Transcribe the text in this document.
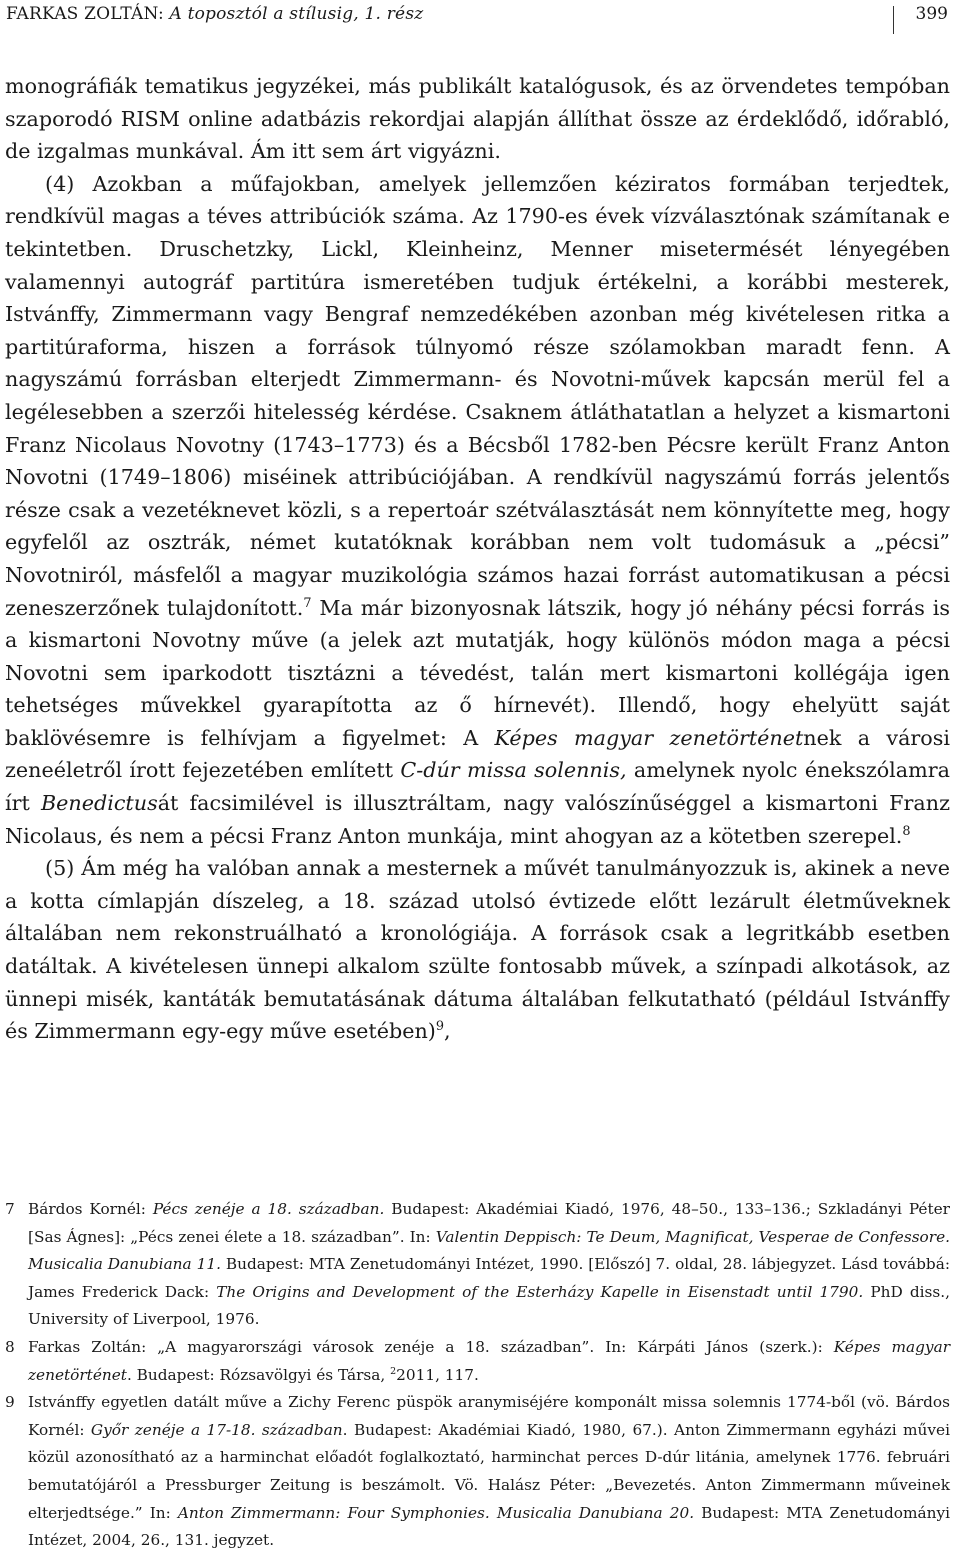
FARKAS ZOLTÁN: A toposztól a stílusig, 1. rész	399

monográfiák tematikus jegyzékei, más publikált katalógusok, és az örvendetes tempóban szaporodó RISM online adatbázis rekordjai alapján állíthat össze az érdeklődő, időrabló, de izgalmas munkával. Ám itt sem árt vigyázni.

(4) Azokban a műfajokban, amelyek jellemzően kéziratos formában terjedtek, rendkívül magas a téves attribúciók száma. Az 1790-es évek vízválasztónak számítanak e tekintetben. Druschetzky, Lickl, Kleinheinz, Menner misetermését lényegében valamennyi autográf partitúra ismeretében tudjuk értékelni, a korábbi mesterek, Istvánffy, Zimmermann vagy Bengraf nemzedékében azonban még kivételesen ritka a partitúraforma, hiszen a források túlnyomó része szólamokban maradt fenn. A nagyszámú forrásban elterjedt Zimmermann- és Novotni-művek kapcsán merül fel a legélesebben a szerzői hitelesség kérdése. Csaknem átláthatatlan a helyzet a kismartoni Franz Nicolaus Novotny (1743–1773) és a Bécsből 1782-ben Pécsre került Franz Anton Novotni (1749–1806) miséinek attribúciójában. A rendkívül nagyszámú forrás jelentős része csak a vezetéknevet közli, s a repertoár szétválasztását nem könnyítette meg, hogy egyfelől az osztrák, német kutatóknak korábban nem volt tudomásuk a „pécsi” Novotniról, másfelől a magyar muzikológia számos hazai forrást automatikusan a pécsi zeneszerzőnek tulajdonított.$^7$ Ma már bizonyosnak látszik, hogy jó néhány pécsi forrás is a kismartoni Novotny műve (a jelek azt mutatják, hogy különös módon maga a pécsi Novotni sem iparkodott tisztázni a tévedést, talán mert kismartoni kollégája igen tehetséges művekkel gyarapította az ő hírnevét). Illendő, hogy ehelyütt saját baklövésemre is felhívjam a figyelmet: A Képes magyar zenetörténetnek a városi zeneéletről írott fejezetében említett C-dúr missa solennis, amelynek nyolc énekszólamra írt Benedictusát facsimilével is illusztráltam, nagy valószínűséggel a kismartoni Franz Nicolaus, és nem a pécsi Franz Anton munkája, mint ahogyan az a kötetben szerepel.$^8$

(5) Ám még ha valóban annak a mesternek a művét tanulmányozzuk is, akinek a neve a kotta címlapján díszeleg, a 18. század utolsó évtizede előtt lezárult életműveknek általában nem rekonstruálható a kronológiája. A források csak a legritkább esetben datáltak. A kivételesen ünnepi alkalom szülte fontosabb művek, a színpadi alkotások, az ünnepi misék, kantáták bemutatásának dátuma általában felkutatható (például Istvánffy és Zimmermann egy-egy műve esetében)$^9$,

7 Bárdos Kornél: Pécs zenéje a 18. században. Budapest: Akadémiai Kiadó, 1976, 48–50., 133–136.; Szkladányi Péter [Sas Ágnes]: „Pécs zenei élete a 18. században”. In: Valentin Deppisch: Te Deum, Magnificat, Vesperae de Confessore. Musicalia Danubiana 11. Budapest: MTA Zenetudományi Intézet, 1990. [Előszó] 7. oldal, 28. lábjegyzet. Lásd továbbá: James Frederick Dack: The Origins and Development of the Esterházy Kapelle in Eisenstadt until 1790. PhD diss., University of Liverpool, 1976.
8 Farkas Zoltán: „A magyarországi városok zenéje a 18. században”. In: Kárpáti János (szerk.): Képes magyar zenetörténet. Budapest: Rózsavölgyi és Társa, $^2$2011, 117.
9 Istvánffy egyetlen datált műve a Zichy Ferenc püspök aranymiséjére komponált missa solemnis 1774-ből (vö. Bárdos Kornél: Győr zenéje a 17-18. században. Budapest: Akadémiai Kiadó, 1980, 67.). Anton Zimmermann egyházi művei közül azonosítható az a harminchat előadót foglalkoztató, harminchat perces D-dúr litánia, amelynek 1776. februári bemutatójáról a Pressburger Zeitung is beszámolt. Vö. Halász Péter: „Bevezetés. Anton Zimmermann műveinek elterjedtsége.” In: Anton Zimmermann: Four Symphonies. Musicalia Danubiana 20. Budapest: MTA Zenetudományi Intézet, 2004, 26., 131. jegyzet.
